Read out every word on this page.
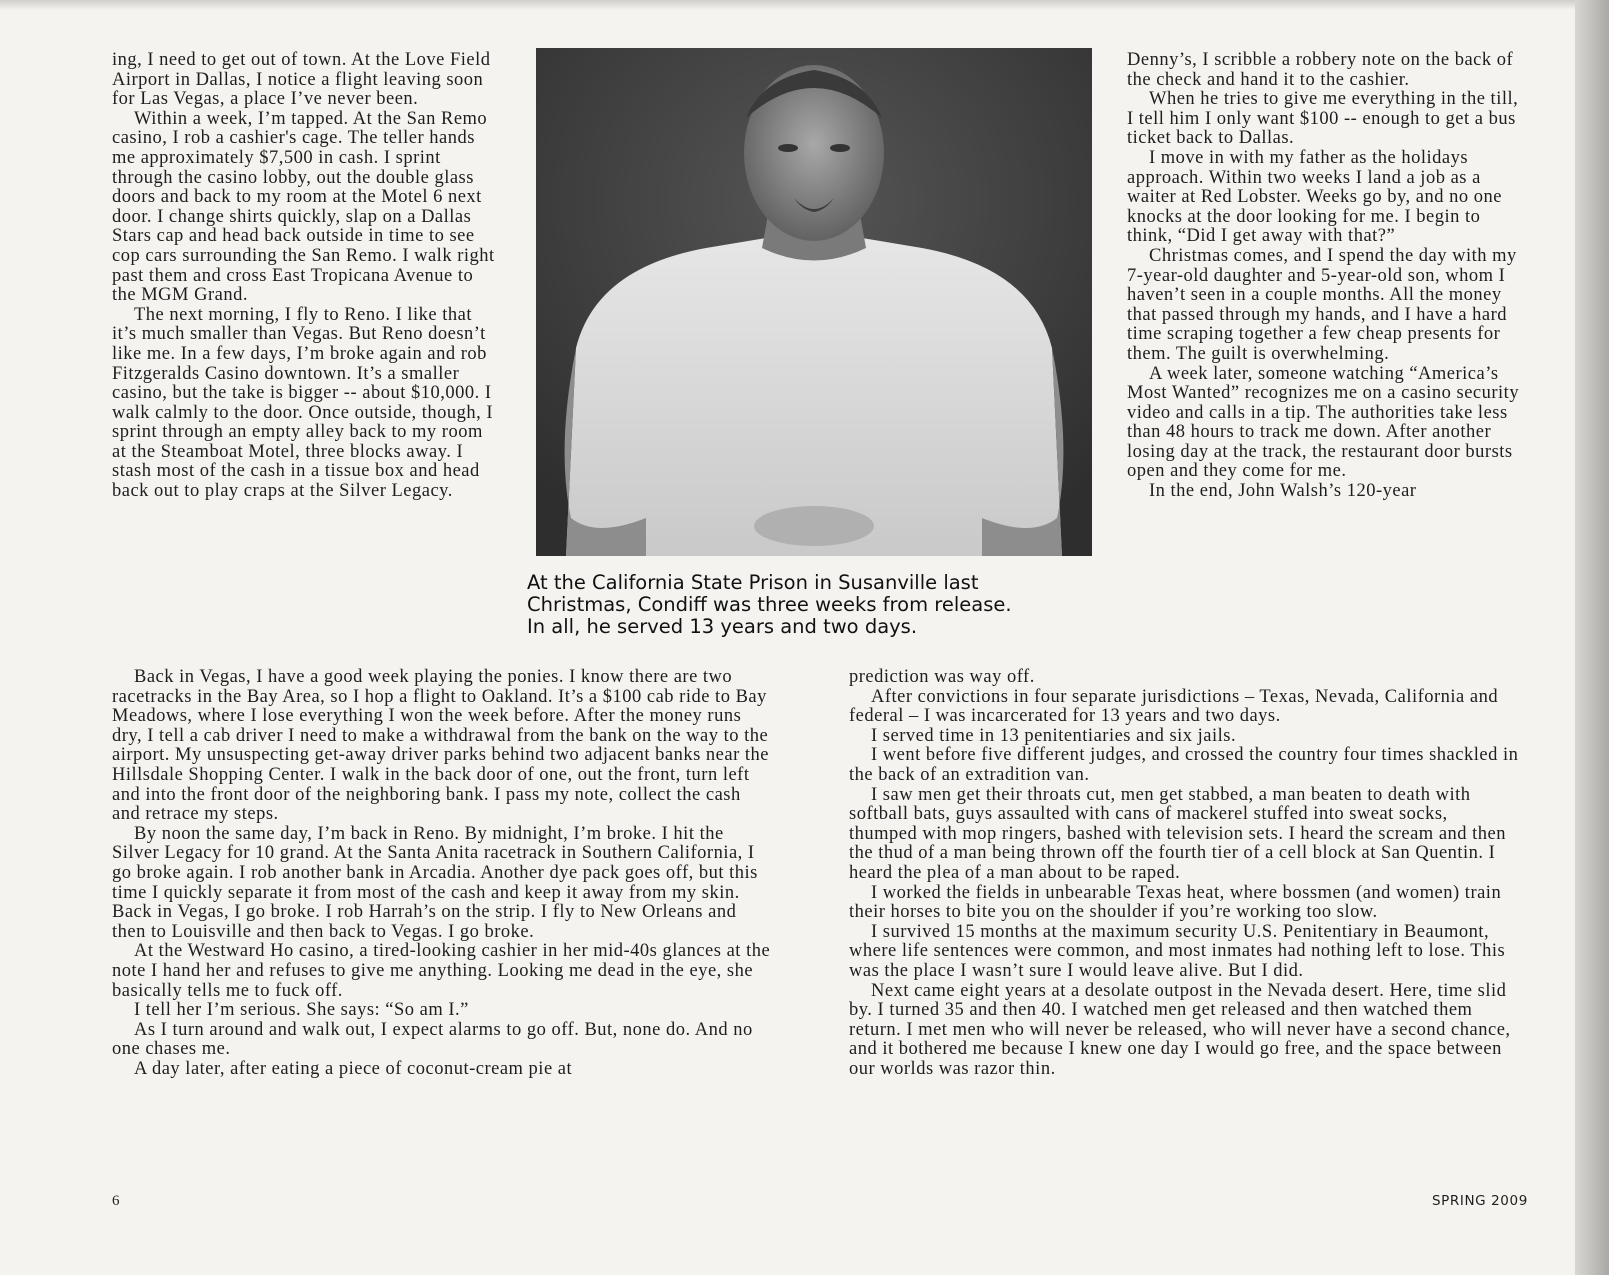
ing, I need to get out of town. At the Love Field Airport in Dallas, I notice a flight leaving soon for Las Vegas, a place I’ve never been.

Within a week, I’m tapped. At the San Remo casino, I rob a cashier's cage. The teller hands me approximately $7,500 in cash. I sprint through the casino lobby, out the double glass doors and back to my room at the Motel 6 next door. I change shirts quickly, slap on a Dallas Stars cap and head back outside in time to see cop cars surrounding the San Remo. I walk right past them and cross East Tropicana Avenue to the MGM Grand.

The next morning, I fly to Reno. I like that it’s much smaller than Vegas. But Reno doesn’t like me. In a few days, I’m broke again and rob Fitzgeralds Casino downtown. It’s a smaller casino, but the take is bigger -- about $10,000. I walk calmly to the door. Once outside, though, I sprint through an empty alley back to my room at the Steamboat Motel, three blocks away. I stash most of the cash in a tissue box and head back out to play craps at the Silver Legacy.

At the California State Prison in Susanville last
Christmas, Condiff was three weeks from release.
In all, he served 13 years and two days.

Denny’s, I scribble a robbery note on the back of the check and hand it to the cashier.

When he tries to give me everything in the till, I tell him I only want $100 -- enough to get a bus ticket back to Dallas.

I move in with my father as the holidays approach. Within two weeks I land a job as a waiter at Red Lobster. Weeks go by, and no one knocks at the door looking for me. I begin to think, “Did I get away with that?”

Christmas comes, and I spend the day with my 7-year-old daughter and 5-year-old son, whom I haven’t seen in a couple months. All the money that passed through my hands, and I have a hard time scraping together a few cheap presents for them. The guilt is overwhelming.

A week later, someone watching “America’s Most Wanted” recognizes me on a casino security video and calls in a tip. The authorities take less than 48 hours to track me down. After another losing day at the track, the restaurant door bursts open and they come for me.

In the end, John Walsh’s 120-year

Back in Vegas, I have a good week playing the ponies. I know there are two racetracks in the Bay Area, so I hop a flight to Oakland. It’s a $100 cab ride to Bay Meadows, where I lose everything I won the week before. After the money runs dry, I tell a cab driver I need to make a withdrawal from the bank on the way to the airport. My unsuspecting get-away driver parks behind two adjacent banks near the Hillsdale Shopping Center. I walk in the back door of one, out the front, turn left and into the front door of the neighboring bank. I pass my note, collect the cash and retrace my steps.

By noon the same day, I’m back in Reno. By midnight, I’m broke. I hit the Silver Legacy for 10 grand. At the Santa Anita racetrack in Southern California, I go broke again. I rob another bank in Arcadia. Another dye pack goes off, but this time I quickly separate it from most of the cash and keep it away from my skin. Back in Vegas, I go broke. I rob Harrah’s on the strip. I fly to New Orleans and then to Louisville and then back to Vegas. I go broke.

At the Westward Ho casino, a tired-looking cashier in her mid-40s glances at the note I hand her and refuses to give me anything. Looking me dead in the eye, she basically tells me to fuck off.

I tell her I’m serious. She says: “So am I.”

As I turn around and walk out, I expect alarms to go off. But, none do. And no one chases me.

A day later, after eating a piece of coconut-cream pie at

prediction was way off.

After convictions in four separate jurisdictions – Texas, Nevada, California and federal – I was incarcerated for 13 years and two days.

I served time in 13 penitentiaries and six jails.

I went before five different judges, and crossed the country four times shackled in the back of an extradition van.

I saw men get their throats cut, men get stabbed, a man beaten to death with softball bats, guys assaulted with cans of mackerel stuffed into sweat socks, thumped with mop ringers, bashed with television sets. I heard the scream and then the thud of a man being thrown off the fourth tier of a cell block at San Quentin. I heard the plea of a man about to be raped.

I worked the fields in unbearable Texas heat, where bossmen (and women) train their horses to bite you on the shoulder if you’re working too slow.

I survived 15 months at the maximum security U.S. Penitentiary in Beaumont, where life sentences were common, and most inmates had nothing left to lose. This was the place I wasn’t sure I would leave alive. But I did.

Next came eight years at a desolate outpost in the Nevada desert. Here, time slid by. I turned 35 and then 40. I watched men get released and then watched them return. I met men who will never be released, who will never have a second chance, and it bothered me because I knew one day I would go free, and the space between our worlds was razor thin.

6	SPRING 2009
